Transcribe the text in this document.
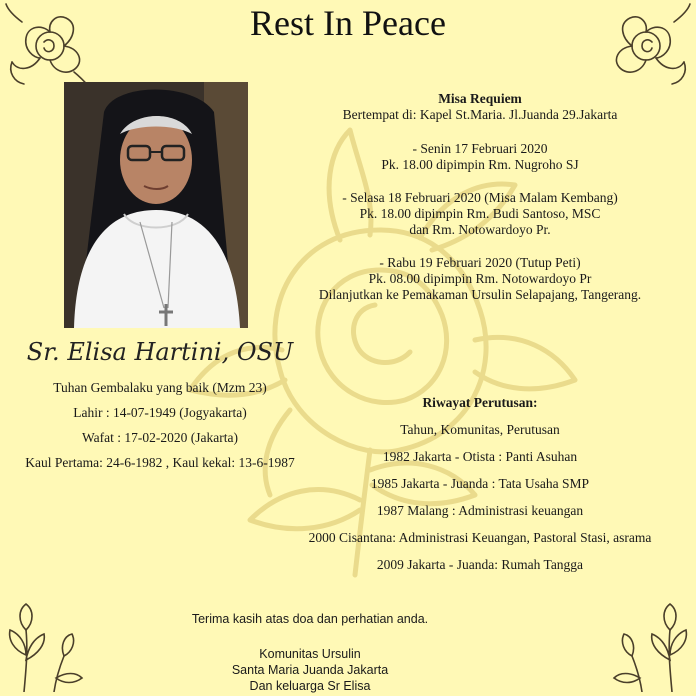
Rest In Peace
Sr. Elisa Hartini, OSU
Tuhan Gembalaku yang baik (Mzm 23)
Lahir : 14-07-1949 (Jogyakarta)
Wafat : 17-02-2020 (Jakarta)
Kaul Pertama: 24-6-1982 , Kaul kekal: 13-6-1987
Misa Requiem
Bertempat di: Kapel St.Maria. Jl.Juanda 29.Jakarta
- Senin 17 Februari 2020
Pk. 18.00 dipimpin Rm. Nugroho SJ
- Selasa 18 Februari 2020 (Misa Malam Kembang)
Pk. 18.00 dipimpin Rm. Budi Santoso, MSC
dan Rm. Notowardoyo Pr.
- Rabu 19 Februari 2020 (Tutup Peti)
Pk. 08.00 dipimpin Rm. Notowardoyo Pr
Dilanjutkan ke Pemakaman Ursulin Selapajang, Tangerang.
Riwayat Perutusan:
Tahun, Komunitas, Perutusan
1982 Jakarta - Otista : Panti Asuhan
1985 Jakarta - Juanda : Tata Usaha SMP
1987 Malang : Administrasi keuangan
2000 Cisantana: Administrasi Keuangan, Pastoral Stasi, asrama
2009 Jakarta - Juanda: Rumah Tangga
Terima kasih atas doa dan perhatian anda.
Komunitas Ursulin
Santa Maria Juanda Jakarta
Dan keluarga Sr Elisa
